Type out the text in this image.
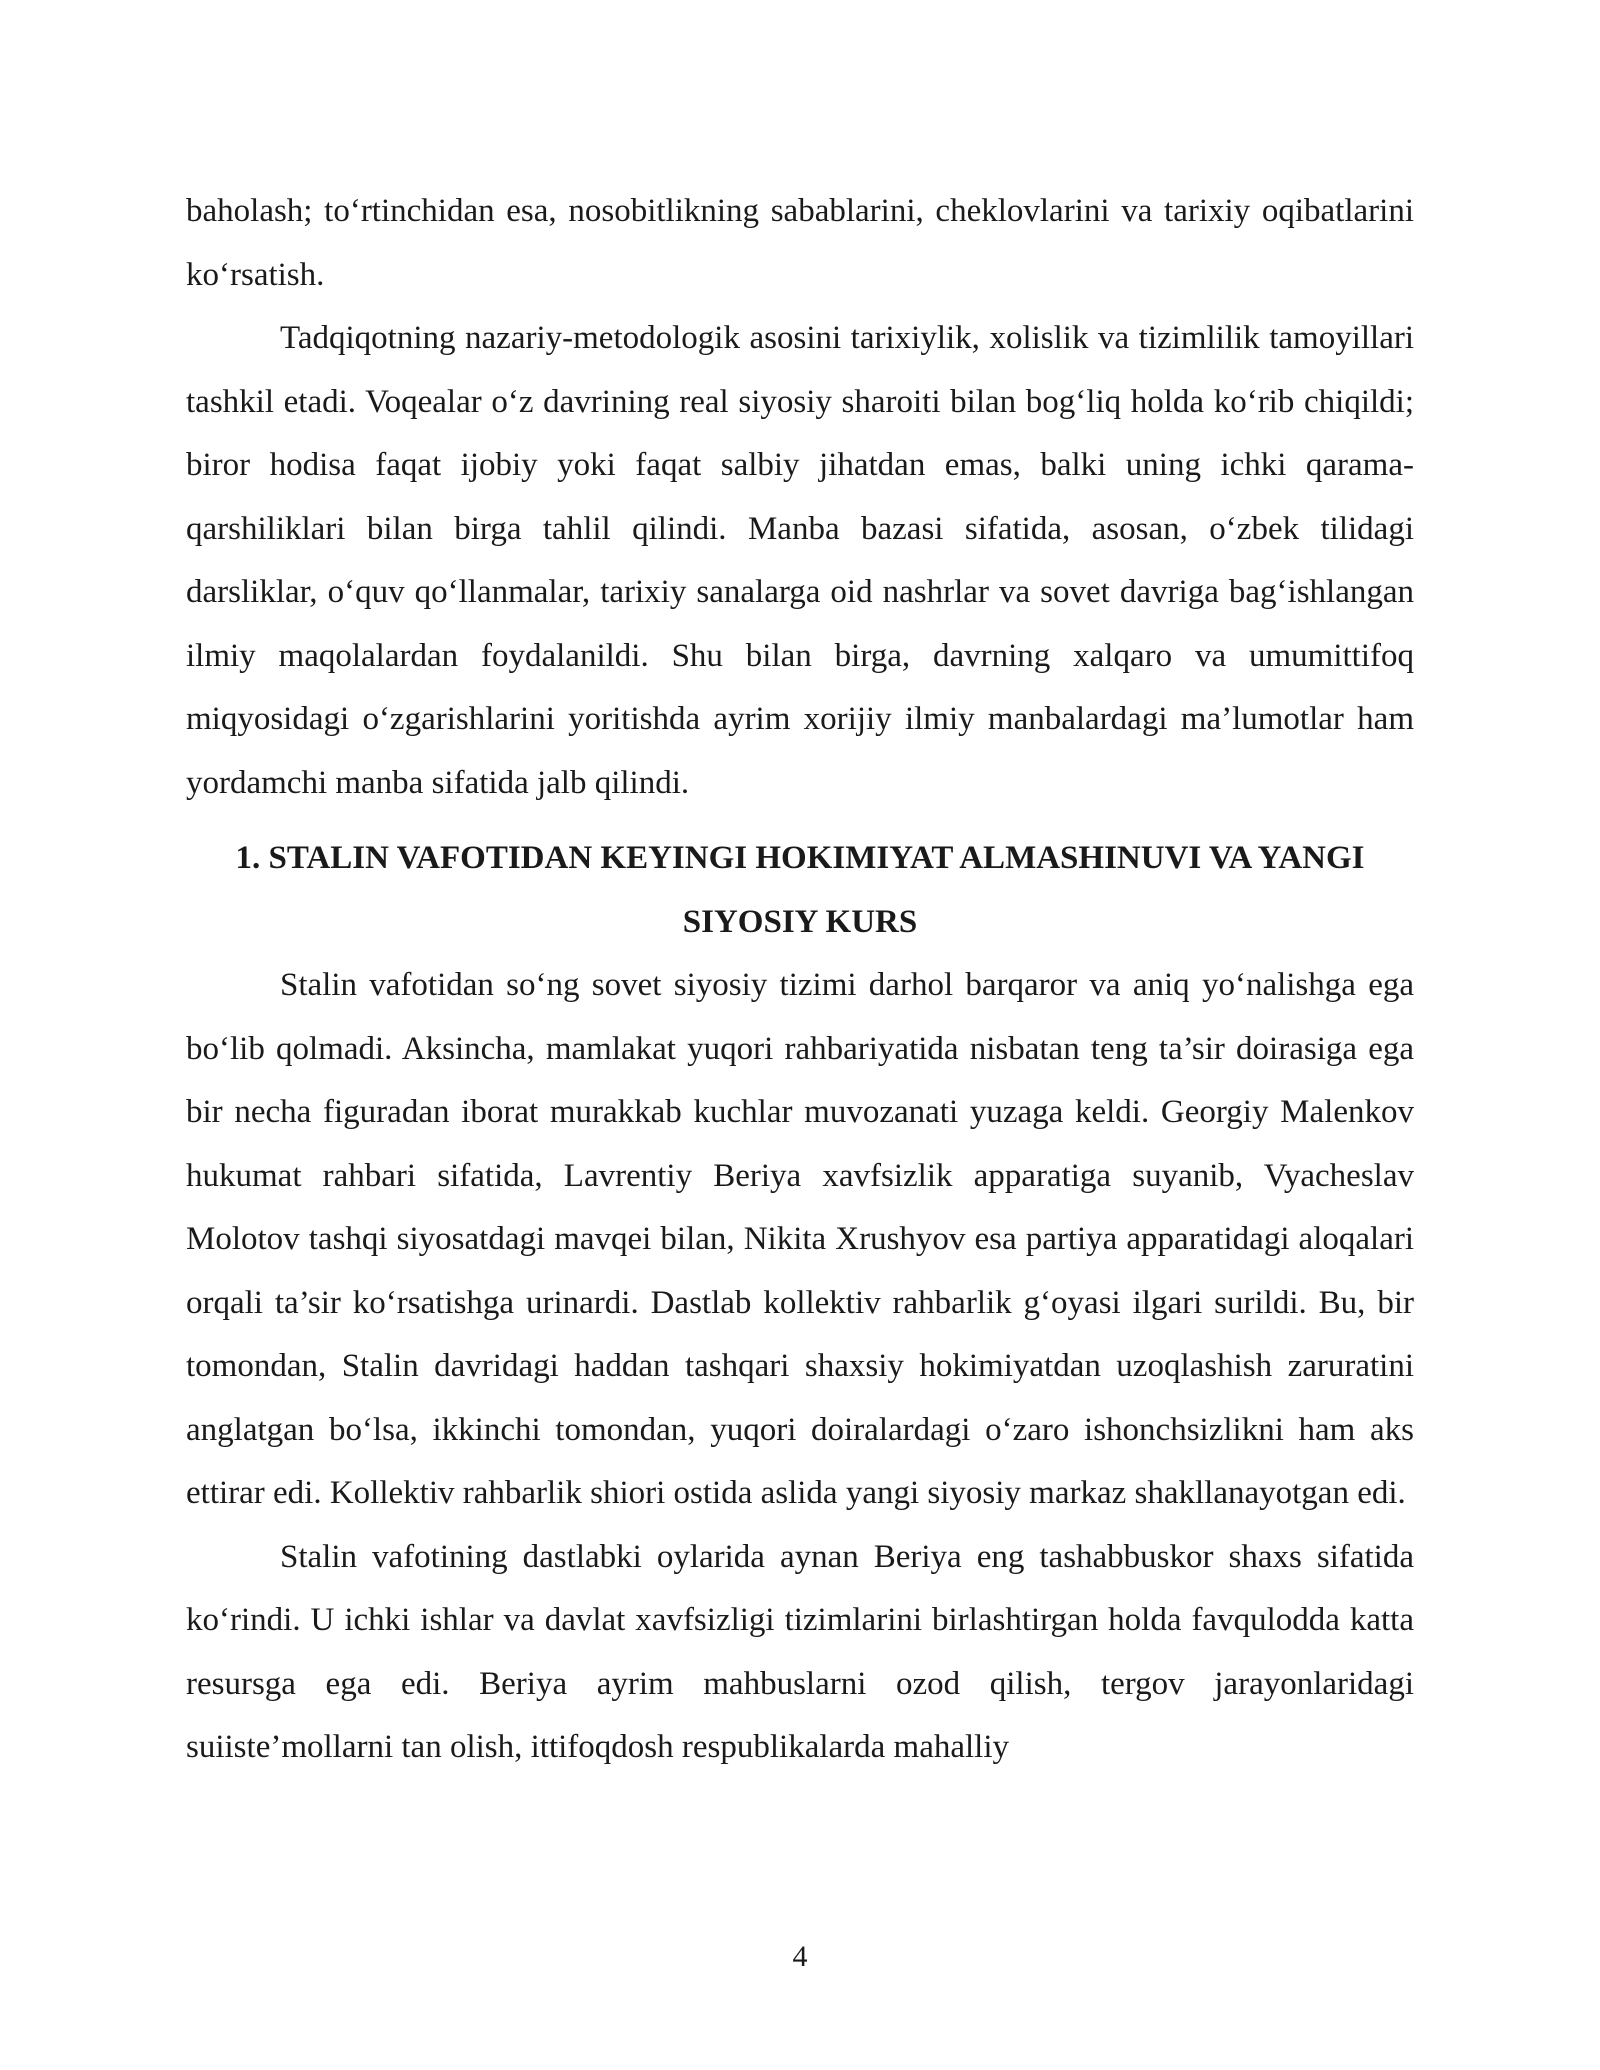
baholash; to‘rtinchidan esa, nosobitlikning sabablarini, cheklovlarini va tarixiy oqibatlarini ko‘rsatish.

Tadqiqotning nazariy-metodologik asosini tarixiylik, xolislik va tizimlilik tamoyillari tashkil etadi. Voqealar o‘z davrining real siyosiy sharoiti bilan bog‘liq holda ko‘rib chiqildi; biror hodisa faqat ijobiy yoki faqat salbiy jihatdan emas, balki uning ichki qarama-qarshiliklari bilan birga tahlil qilindi. Manba bazasi sifatida, asosan, o‘zbek tilidagi darsliklar, o‘quv qo‘llanmalar, tarixiy sanalarga oid nashrlar va sovet davriga bag‘ishlangan ilmiy maqolalardan foydalanildi. Shu bilan birga, davrning xalqaro va umumittifoq miqyosidagi o‘zgarishlarini yoritishda ayrim xorijiy ilmiy manbalardagi ma’lumotlar ham yordamchi manba sifatida jalb qilindi.

1. STALIN VAFOTIDAN KEYINGI HOKIMIYAT ALMASHINUVI VA YANGI SIYOSIY KURS

Stalin vafotidan so‘ng sovet siyosiy tizimi darhol barqaror va aniq yo‘nalishga ega bo‘lib qolmadi. Aksincha, mamlakat yuqori rahbariyatida nisbatan teng ta’sir doirasiga ega bir necha figuradan iborat murakkab kuchlar muvozanati yuzaga keldi. Georgiy Malenkov hukumat rahbari sifatida, Lavrentiy Beriya xavfsizlik apparatiga suyanib, Vyacheslav Molotov tashqi siyosatdagi mavqei bilan, Nikita Xrushyov esa partiya apparatidagi aloqalari orqali ta’sir ko‘rsatishga urinardi. Dastlab kollektiv rahbarlik g‘oyasi ilgari surildi. Bu, bir tomondan, Stalin davridagi haddan tashqari shaxsiy hokimiyatdan uzoqlashish zaruratini anglatgan bo‘lsa, ikkinchi tomondan, yuqori doiralardagi o‘zaro ishonchsizlikni ham aks ettirar edi. Kollektiv rahbarlik shiori ostida aslida yangi siyosiy markaz shakllanayotgan edi.

Stalin vafotining dastlabki oylarida aynan Beriya eng tashabbuskor shaxs sifatida ko‘rindi. U ichki ishlar va davlat xavfsizligi tizimlarini birlashtirgan holda favqulodda katta resursga ega edi. Beriya ayrim mahbuslarni ozod qilish, tergov jarayonlaridagi suiiste’mollarni tan olish, ittifoqdosh respublikalarda mahalliy

4
